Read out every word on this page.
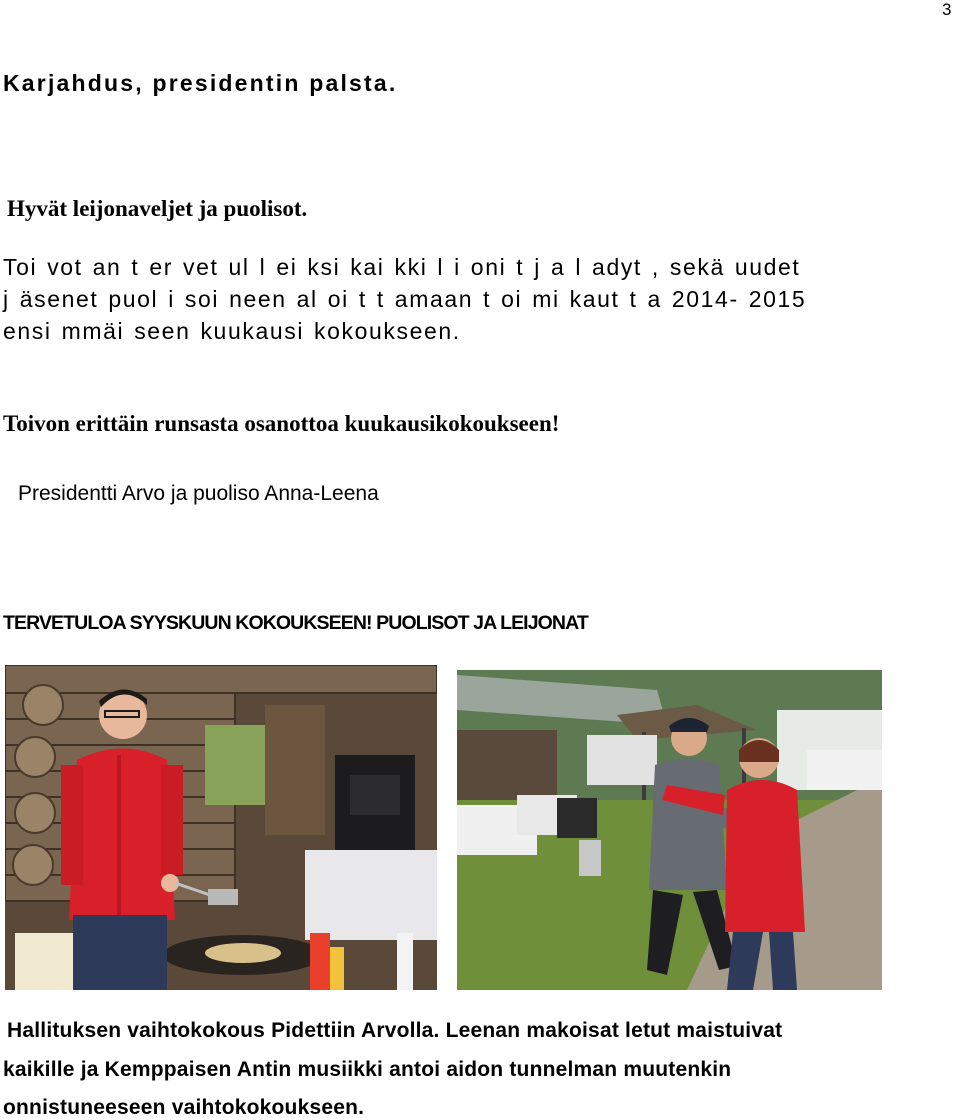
3
Karjahdus, presidentin palsta.
Hyvät leijonaveljet ja puolisot.
Toi vot an t er vet ul l ei ksi kai kki l i oni t j a l adyt , sekä uudet
j äsenet puol i soi neen al oi t t amaan t oi mi kaut t a 2014- 2015
ensi mmäi seen kuukausi kokoukseen.
Toivon erittäin runsasta osanottoa kuukausikokoukseen!
Presidentti Arvo ja puoliso Anna-Leena
TERVETULOA SYYSKUUN KOKOUKSEEN! PUOLISOT JA LEIJONAT
Hallituksen vaihtokokous Pidettiin Arvolla. Leenan makoisat letut maistuivat
kaikille ja Kemppaisen Antin musiikki antoi aidon tunnelman muutenkin
onnistuneeseen vaihtokokoukseen.
